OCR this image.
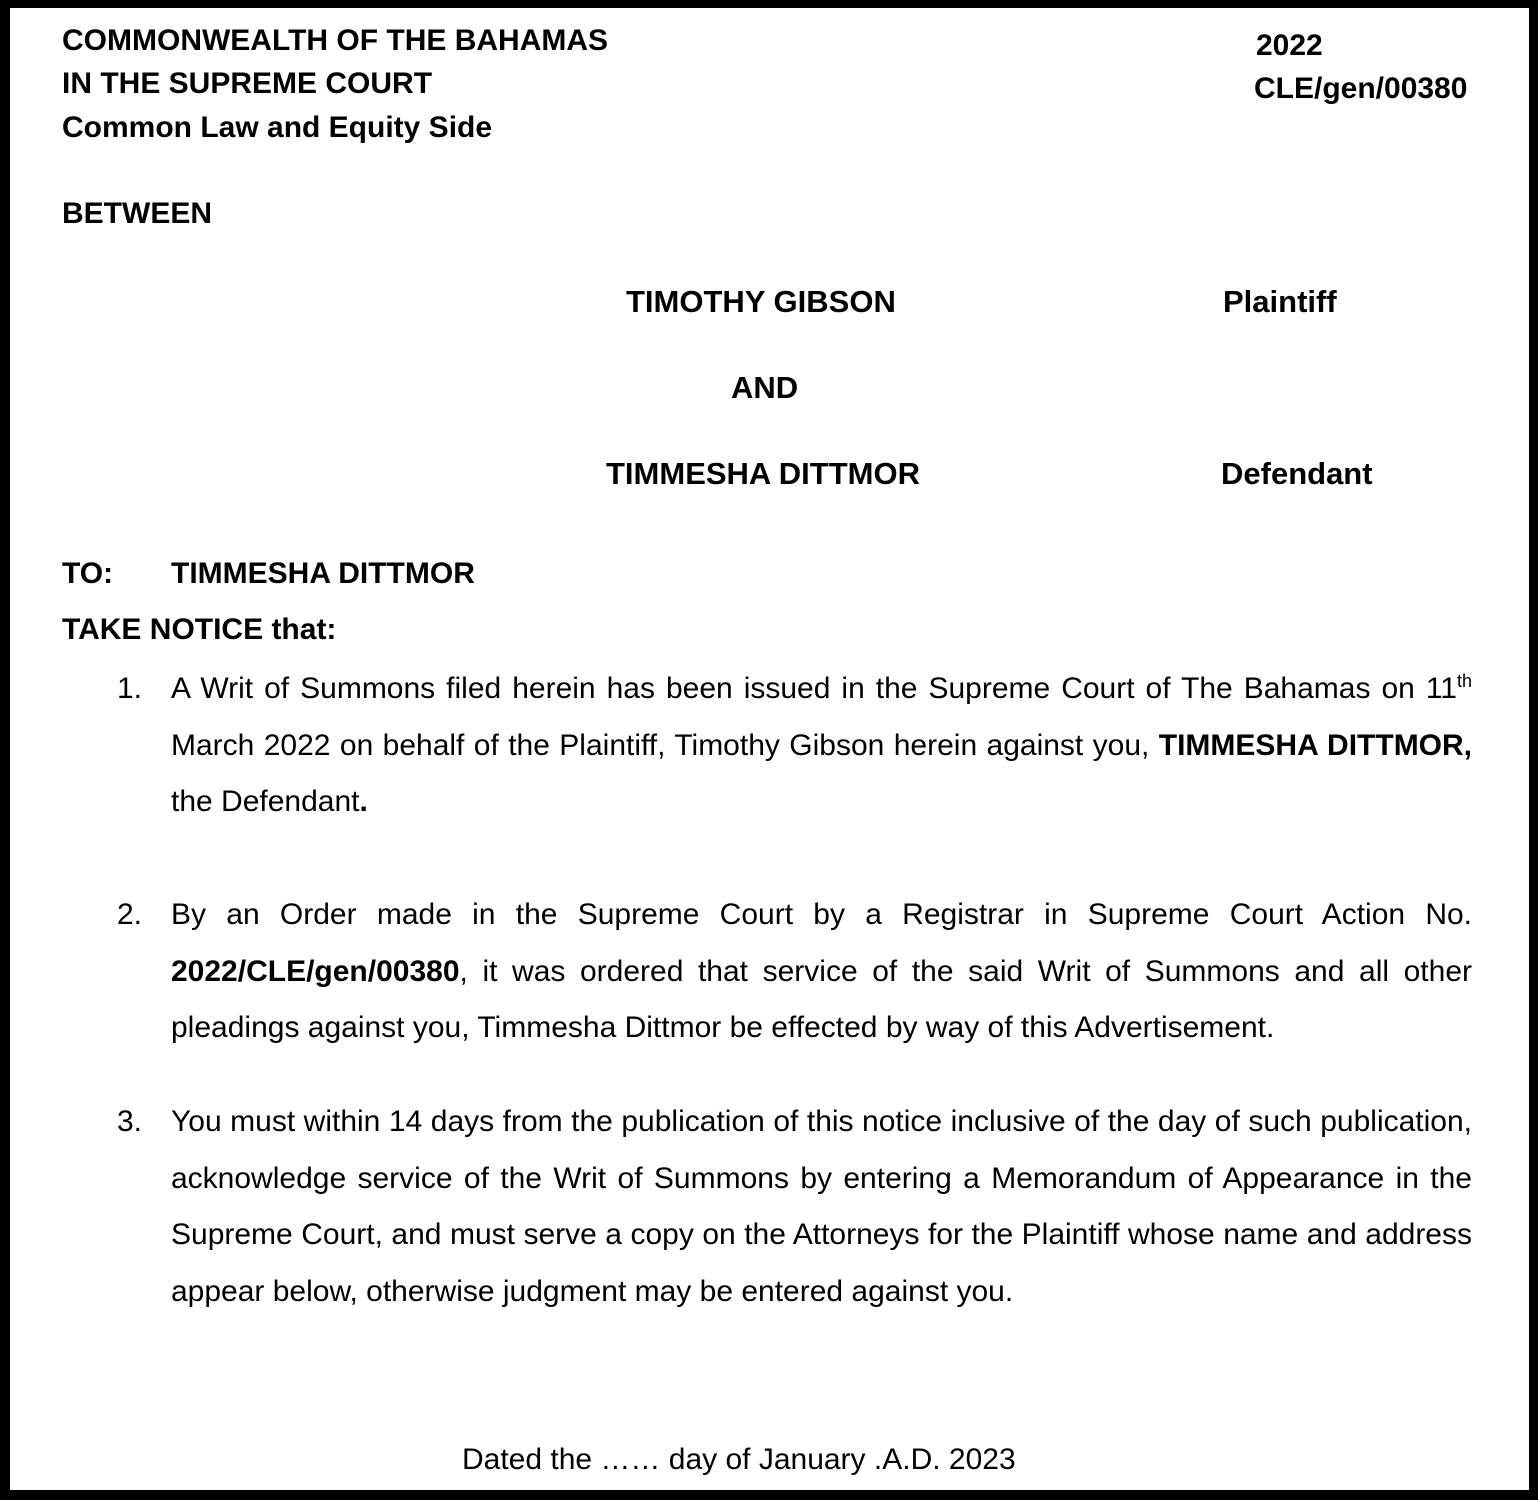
COMMONWEALTH OF THE BAHAMAS
IN THE SUPREME COURT
Common Law and Equity Side
2022
CLE/gen/00380
BETWEEN
TIMOTHY GIBSON	Plaintiff
AND
TIMMESHA DITTMOR	Defendant
TO: TIMMESHA DITTMOR
TAKE NOTICE that:
1. A Writ of Summons filed herein has been issued in the Supreme Court of The Bahamas on 11th March 2022 on behalf of the Plaintiff, Timothy Gibson herein against you, TIMMESHA DITTMOR, the Defendant.
2. By an Order made in the Supreme Court by a Registrar in Supreme Court Action No. 2022/CLE/gen/00380, it was ordered that service of the said Writ of Summons and all other pleadings against you, Timmesha Dittmor be effected by way of this Advertisement.
3. You must within 14 days from the publication of this notice inclusive of the day of such publication, acknowledge service of the Writ of Summons by entering a Memorandum of Appearance in the Supreme Court, and must serve a copy on the Attorneys for the Plaintiff whose name and address appear below, otherwise judgment may be entered against you.
Dated the …… day of January .A.D. 2023
